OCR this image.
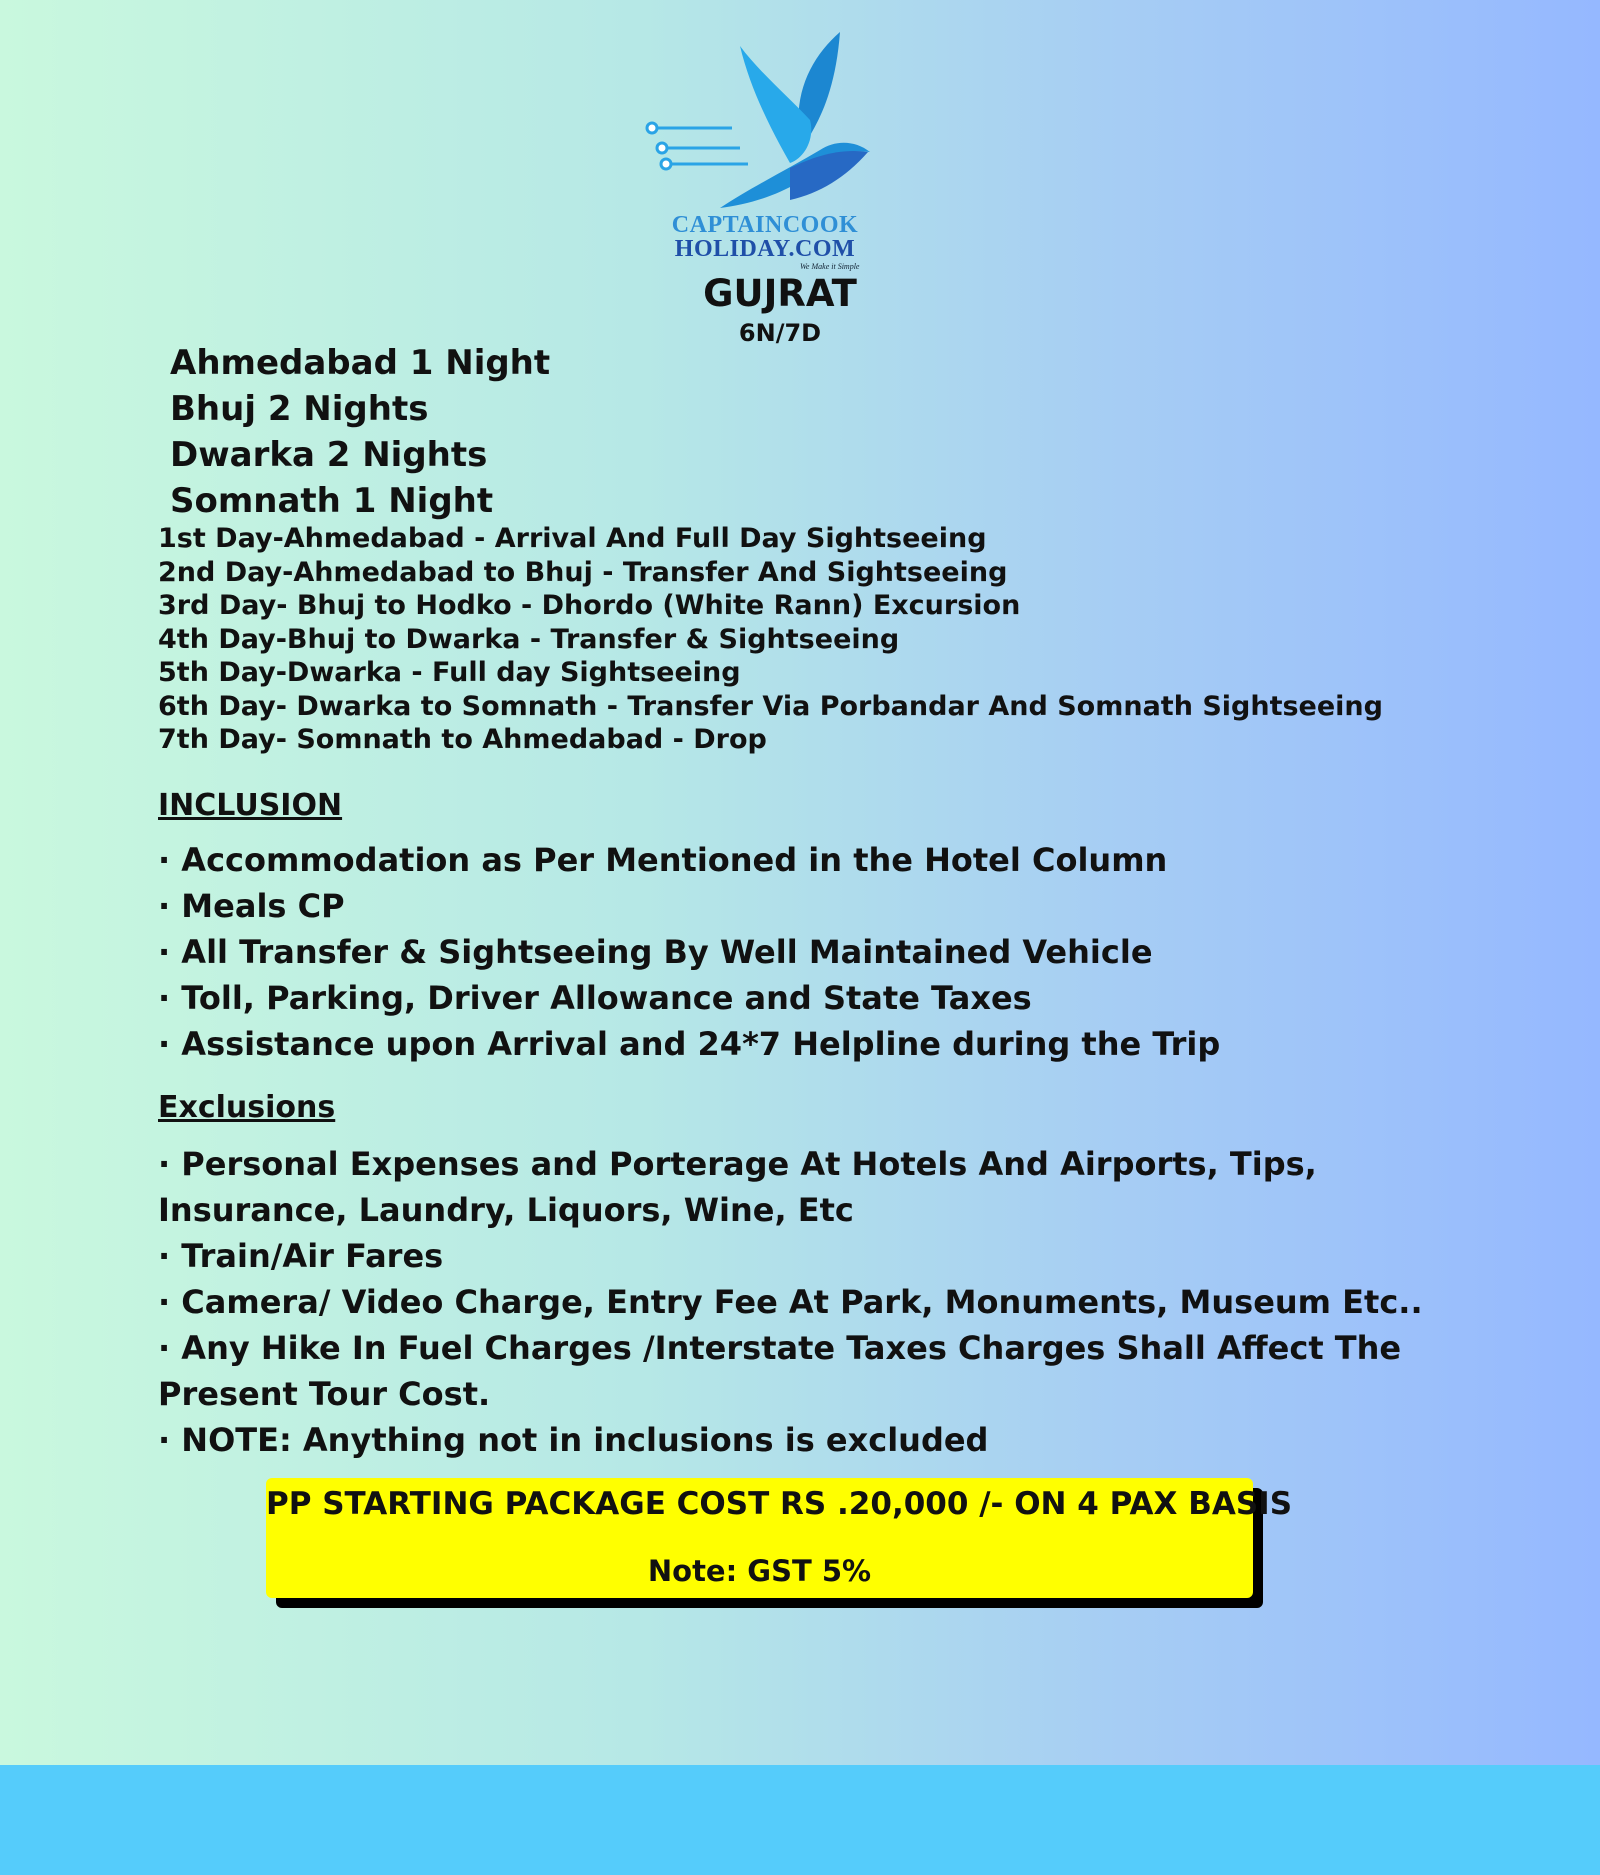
CAPTAINCOOK
HOLIDAY.COM
We Make it Simple
GUJRAT
6N/7D
Ahmedabad 1 Night
Bhuj 2 Nights
Dwarka 2 Nights
Somnath 1 Night
1st Day-Ahmedabad - Arrival And Full Day Sightseeing
2nd Day-Ahmedabad to Bhuj - Transfer And Sightseeing
3rd Day- Bhuj to Hodko - Dhordo (White Rann) Excursion
4th Day-Bhuj to Dwarka - Transfer & Sightseeing
5th Day-Dwarka - Full day Sightseeing
6th Day- Dwarka to Somnath - Transfer Via Porbandar And Somnath Sightseeing
7th Day- Somnath to Ahmedabad - Drop
INCLUSION
· Accommodation as Per Mentioned in the Hotel Column
· Meals CP
· All Transfer & Sightseeing By Well Maintained Vehicle
· Toll, Parking, Driver Allowance and State Taxes
· Assistance upon Arrival and 24*7 Helpline during the Trip
Exclusions
· Personal Expenses and Porterage At Hotels And Airports, Tips,
Insurance, Laundry, Liquors, Wine, Etc
· Train/Air Fares
· Camera/ Video Charge, Entry Fee At Park, Monuments, Museum Etc..
· Any Hike In Fuel Charges /Interstate Taxes Charges Shall Affect The
Present Tour Cost.
· NOTE: Anything not in inclusions is excluded
PP STARTING PACKAGE COST RS .20,000 /- ON 4 PAX BASIS
Note: GST 5%
